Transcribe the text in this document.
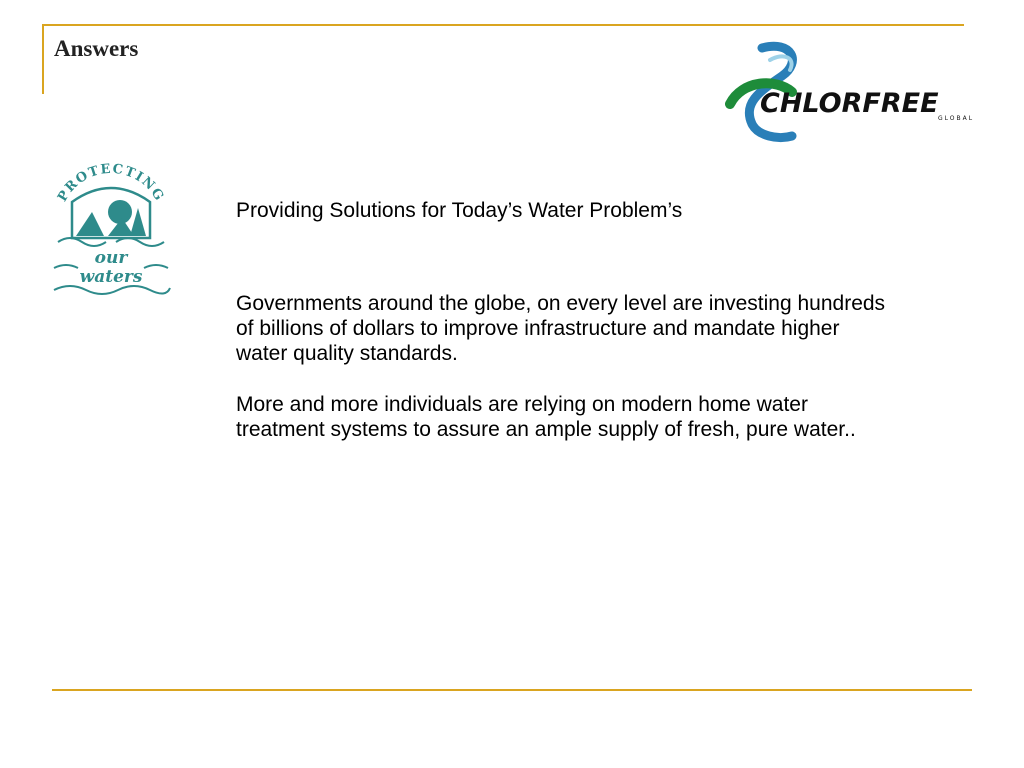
Answers
CHLORFREE GLOBAL
PROTECTING
our
waters

Providing Solutions for Today’s Water Problem’s

Governments around the globe, on every level are investing hundreds of billions of dollars to improve infrastructure and mandate higher water quality standards.

More and more individuals are relying on modern home water treatment systems to assure an ample supply of fresh, pure water..
